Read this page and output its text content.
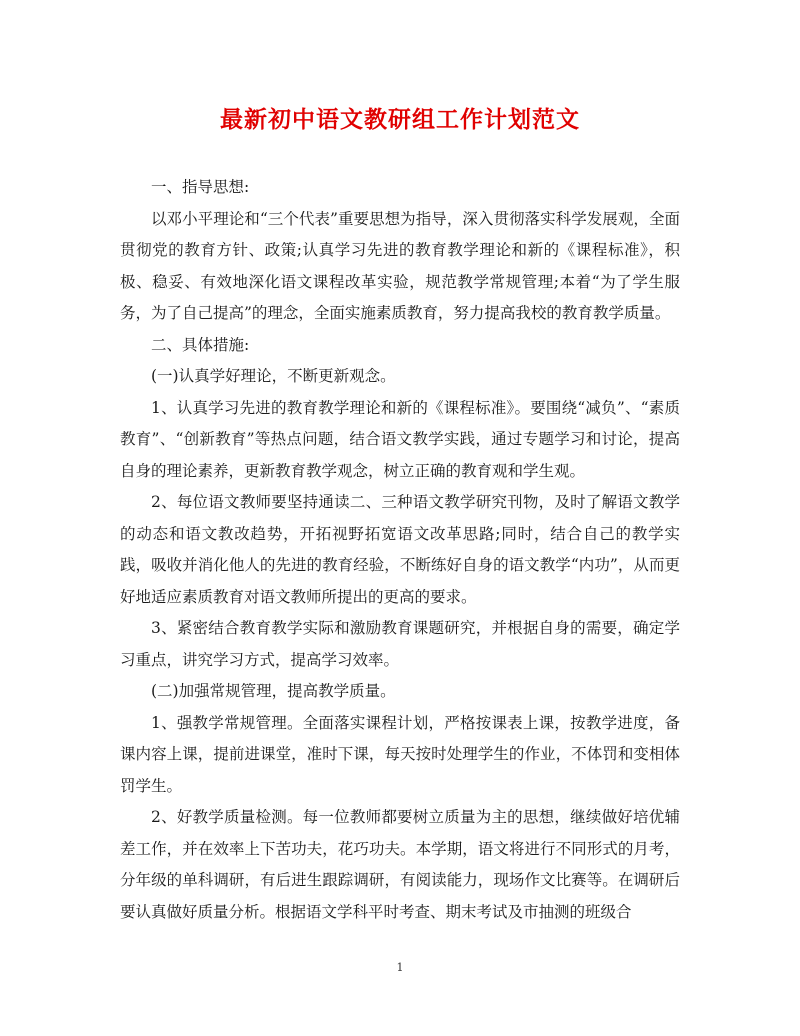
最新初中语文教研组工作计划范文

一、指导思想:

以邓小平理论和“三个代表”重要思想为指导，深入贯彻落实科学发展观，全面贯彻党的教育方针、政策;认真学习先进的教育教学理论和新的《课程标准》，积极、稳妥、有效地深化语文课程改革实验，规范教学常规管理;本着“为了学生服务，为了自己提高”的理念，全面实施素质教育，努力提高我校的教育教学质量。

二、具体措施:

(一)认真学好理论，不断更新观念。

1、认真学习先进的教育教学理论和新的《课程标准》。要围绕“减负”、“素质教育”、“创新教育”等热点问题，结合语文教学实践，通过专题学习和讨论，提高自身的理论素养，更新教育教学观念，树立正确的教育观和学生观。

2、每位语文教师要坚持通读二、三种语文教学研究刊物，及时了解语文教学的动态和语文教改趋势，开拓视野拓宽语文改革思路;同时，结合自己的教学实践，吸收并消化他人的先进的教育经验，不断练好自身的语文教学“内功”，从而更好地适应素质教育对语文教师所提出的更高的要求。

3、紧密结合教育教学实际和激励教育课题研究，并根据自身的需要，确定学习重点，讲究学习方式，提高学习效率。

(二)加强常规管理，提高教学质量。

1、强教学常规管理。全面落实课程计划，严格按课表上课，按教学进度，备课内容上课，提前进课堂，准时下课，每天按时处理学生的作业，不体罚和变相体罚学生。

2、好教学质量检测。每一位教师都要树立质量为主的思想，继续做好培优辅差工作，并在效率上下苦功夫，花巧功夫。本学期，语文将进行不同形式的月考，分年级的单科调研，有后进生跟踪调研，有阅读能力，现场作文比赛等。在调研后要认真做好质量分析。根据语文学科平时考查、期末考试及市抽测的班级合

1
